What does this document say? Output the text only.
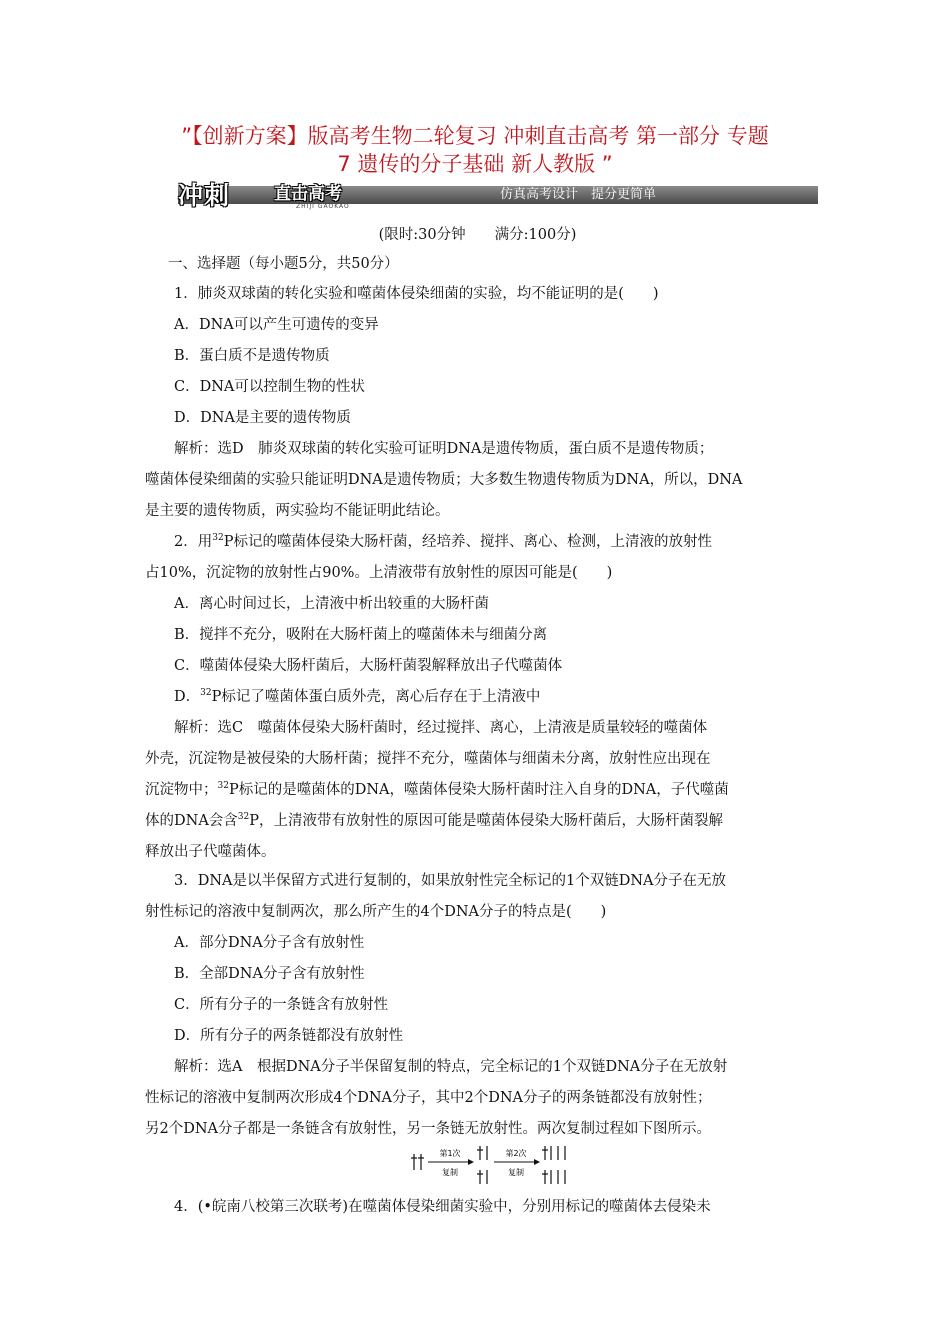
”【创新方案】版高考生物二轮复习 冲刺直击高考 第一部分 专题
7 遗传的分子基础 新人教版 ”
冲刺	直击高考
ZHIJI GAOKAO
仿真高考设计　提分更简单
(限时:30分钟　　满分:100分)
一、选择题（每小题5分，共50分）
1．肺炎双球菌的转化实验和噬菌体侵染细菌的实验，均不能证明的是(　　)
A．DNA可以产生可遗传的变异
B．蛋白质不是遗传物质
C．DNA可以控制生物的性状
D．DNA是主要的遗传物质
解析：选D　肺炎双球菌的转化实验可证明DNA是遗传物质，蛋白质不是遗传物质；
噬菌体侵染细菌的实验只能证明DNA是遗传物质；大多数生物遗传物质为DNA，所以，DNA
是主要的遗传物质，两实验均不能证明此结论。
2．用$^{32}$P标记的噬菌体侵染大肠杆菌，经培养、搅拌、离心、检测，上清液的放射性
占10%，沉淀物的放射性占90%。上清液带有放射性的原因可能是(　　)
A．离心时间过长，上清液中析出较重的大肠杆菌
B．搅拌不充分，吸附在大肠杆菌上的噬菌体未与细菌分离
C．噬菌体侵染大肠杆菌后，大肠杆菌裂解释放出子代噬菌体
D．$^{32}$P标记了噬菌体蛋白质外壳，离心后存在于上清液中
解析：选C　噬菌体侵染大肠杆菌时，经过搅拌、离心，上清液是质量较轻的噬菌体
外壳，沉淀物是被侵染的大肠杆菌；搅拌不充分，噬菌体与细菌未分离，放射性应出现在
沉淀物中；$^{32}$P标记的是噬菌体的DNA，噬菌体侵染大肠杆菌时注入自身的DNA，子代噬菌
体的DNA会含$^{32}$P，上清液带有放射性的原因可能是噬菌体侵染大肠杆菌后，大肠杆菌裂解
释放出子代噬菌体。
3．DNA是以半保留方式进行复制的，如果放射性完全标记的1个双链DNA分子在无放
射性标记的溶液中复制两次，那么所产生的4个DNA分子的特点是(　　)
A．部分DNA分子含有放射性
B．全部DNA分子含有放射性
C．所有分子的一条链含有放射性
D．所有分子的两条链都没有放射性
解析：选A　根据DNA分子半保留复制的特点，完全标记的1个双链DNA分子在无放射
性标记的溶液中复制两次形成4个DNA分子，其中2个DNA分子的两条链都没有放射性；
另2个DNA分子都是一条链含有放射性，另一条链无放射性。两次复制过程如下图所示。
第1次
复制
第2次
复制
4．(•皖南八校第三次联考)在噬菌体侵染细菌实验中，分别用标记的噬菌体去侵染未
